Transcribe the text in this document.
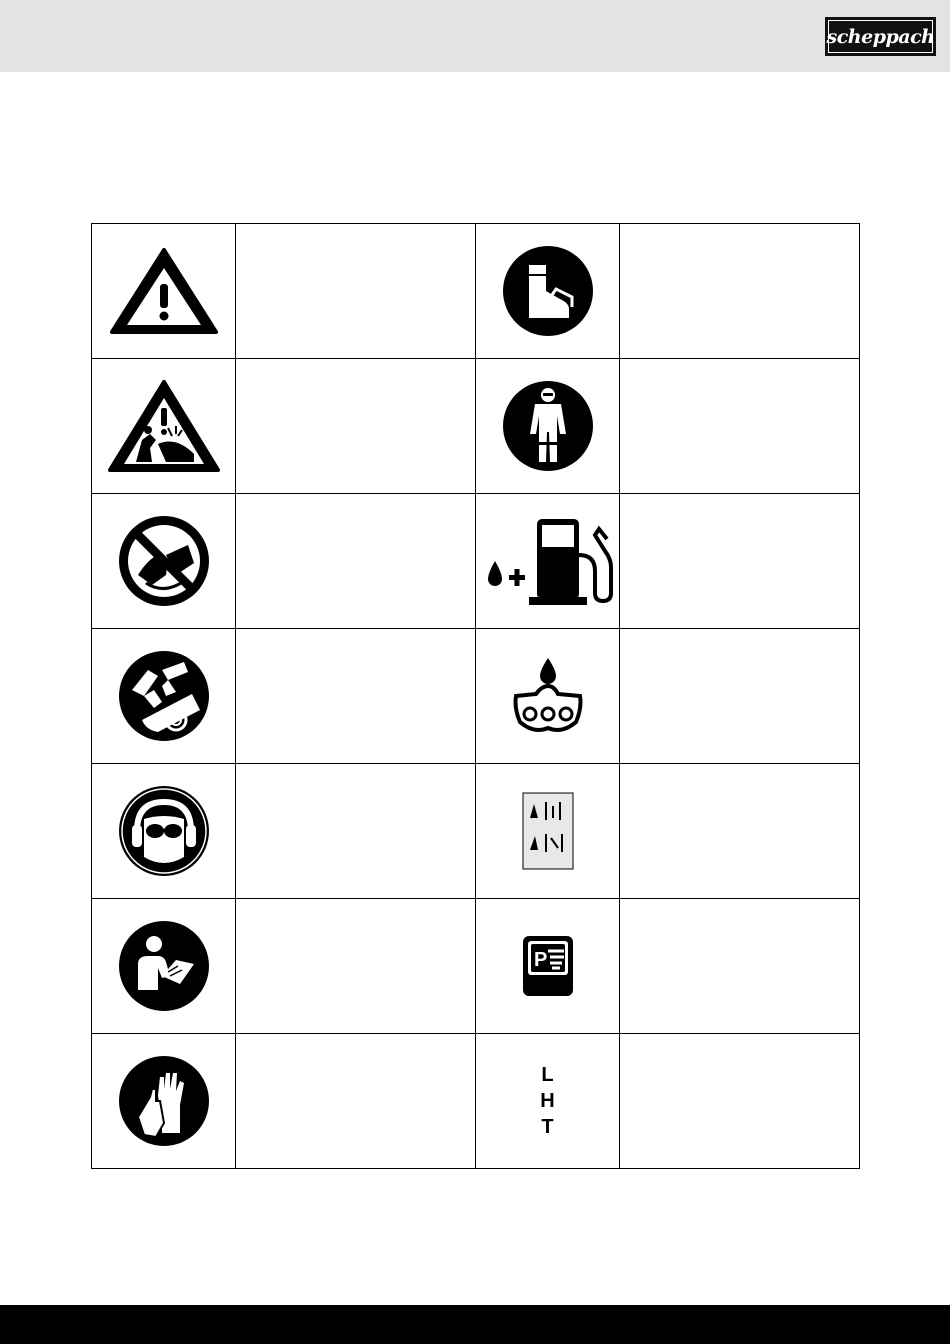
scheppach

P	

L
H
T	
